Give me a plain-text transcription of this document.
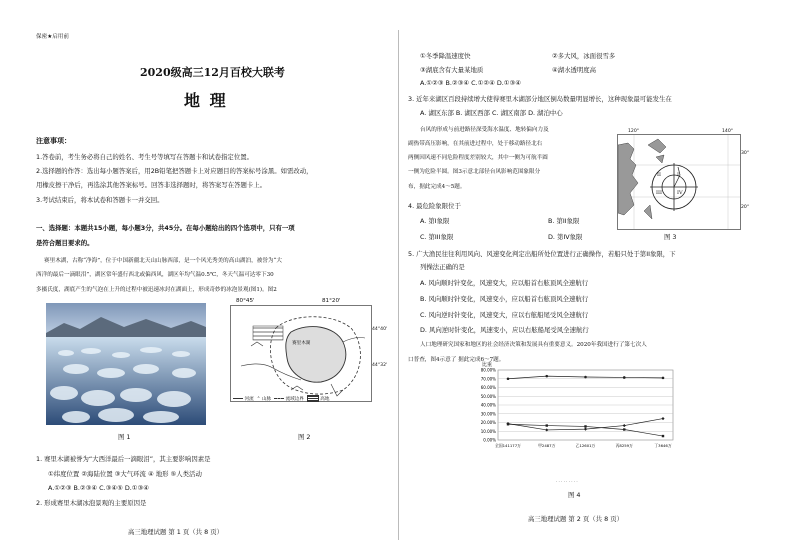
保密★启用前
2020级高三12月百校大联考
地 理
注意事项：
1.答卷前，考生务必将自己的姓名、考生号等填写在答题卡和试卷指定位置。
2.选择题的作答：选出每小题答案后，用2B铅笔把答题卡上对应题目的答案标号涂黑。如需改动，
用橡皮擦干净后，再选涂其他答案标号。回答非选择题时，将答案写在答题卡上。
3.考试结束后，将本试卷和答题卡一并交回。
一、选择题：本题共15小题，每小题3分，共45分。在每小题给出的四个选项中，只有一项
是符合题目要求的。
赛里木湖，古称“净海”，位于中国新疆北天山山脉西部，是一个风光秀美的高山湖泊，被誉为“大
西洋的最后一滴眼泪”，湖区常年盛行西北或偏西风，湖区年均气温0.5℃，冬天气温可达零下30
多摄氏度，湖底产生的气泡在上升的过程中被迅速冰封在湖面上，形成奇妙的冰泡景观(图1)。图2
图 1
80°45'	81°20'
赛里木湖
44°40'
44°32'
河流 ⌃ 山脉	流域边界	高地
图 2
1. 赛里木湖被誉为“大西洋最后一滴眼泪”，其主要影响因素是
①纬度位置 ②海陆位置 ③大气环流 ④ 地形 ⑤人类活动
A.①②③ B.②③④ C.③④⑤ D.①③④
2. 形成赛里木湖冰泡景观的主要原因是
高三地理试题 第 1 页（共 8 页）
①冬季降温速度快	②多大风，冰面很雪多
③湖底含有大量某地质	④湖水透明度高
A.①②③ B.②③④ C.①②④ D.①③④
3. 近年来湖区百段持续增大使得赛里木湖部分地区倒岛数量明显增长，这种现象最可能发生在
A. 湖区东部 B. 湖区西部 C. 湖区南部 D. 湖泊中心
台风的形成与前进路径深受海水温度、地转偏向力及
副热带高压影响，在其前进过程中，处于移动路径北右
两侧因风速不同危险程度差别较大，其中一侧为可航半圆
一侧为危险半圆。图3示意北部径台风影响范围象限分
布，据此完成4～5题。
120°	140°
I
II
III	IV
30°
20°
图 3
4. 最危险象限位于
A. 第I象限	B. 第II象限
C. 第III象限	D. 第IV象限
5. 广大渔民往往利用风向、风速变化判定出船所处位置进行正确操作，若船只处于第II象限，下
列操法正确的是
A. 风向顺时针变化，风速变大，应以船首右舷顶风全速航行
B. 风向顺时针变化，风速变小，应以船首右舷顶风全速航行
C. 风向逆时针变化，风速变大，应以右舷船尾受风全速航行
D. 风向逆时针变化，风速变小，应以右舷船尾受风全速航行
人口地理研究国家和地区的社会经济决策和发展具有重要意义。2020年我国进行了第七次人
口普查，图4示意了 据此完成6～7题。
比重
0.00%
10.00%
20.00%
30.00%
40.00%
50.00%
60.00%
70.00%
80.00%
全国141177万	甲2487万	乙12601万	丙8259万	丁3646万
· · · · · · · · ·
图 4
高三地理试题 第 2 页（共 8 页）
